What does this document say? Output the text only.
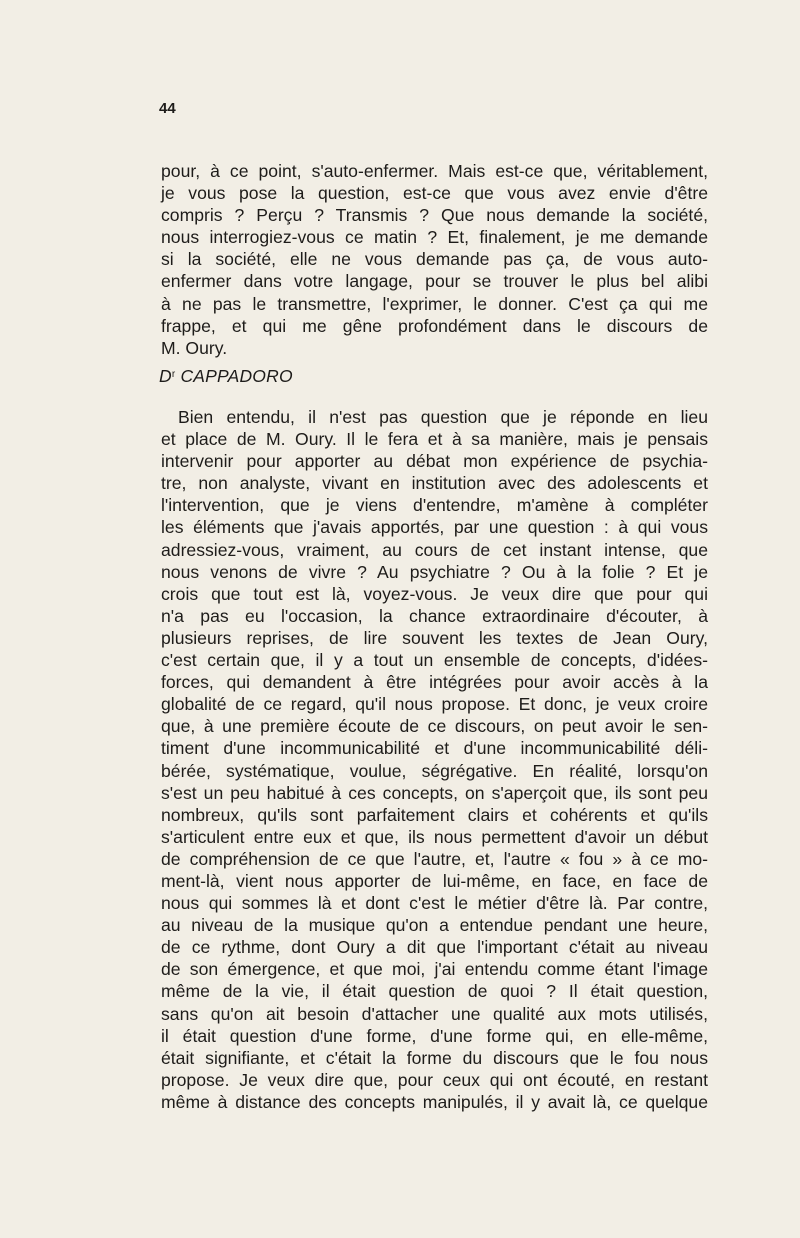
44

pour, à ce point, s'auto-enfermer. Mais est-ce que, véritablement,
je vous pose la question, est-ce que vous avez envie d'être
compris ? Perçu ? Transmis ? Que nous demande la société,
nous interrogiez-vous ce matin ? Et, finalement, je me demande
si la société, elle ne vous demande pas ça, de vous auto-
enfermer dans votre langage, pour se trouver le plus bel alibi
à ne pas le transmettre, l'exprimer, le donner. C'est ça qui me
frappe, et qui me gêne profondément dans le discours de
M. Oury.
$D^r$ CAPPADORO
Bien entendu, il n'est pas question que je réponde en lieu
et place de M. Oury. Il le fera et à sa manière, mais je pensais
intervenir pour apporter au débat mon expérience de psychia-
tre, non analyste, vivant en institution avec des adolescents et
l'intervention, que je viens d'entendre, m'amène à compléter
les éléments que j'avais apportés, par une question : à qui vous
adressiez-vous, vraiment, au cours de cet instant intense, que
nous venons de vivre ? Au psychiatre ? Ou à la folie ? Et je
crois que tout est là, voyez-vous. Je veux dire que pour qui
n'a pas eu l'occasion, la chance extraordinaire d'écouter, à
plusieurs reprises, de lire souvent les textes de Jean Oury,
c'est certain que, il y a tout un ensemble de concepts, d'idées-
forces, qui demandent à être intégrées pour avoir accès à la
globalité de ce regard, qu'il nous propose. Et donc, je veux croire
que, à une première écoute de ce discours, on peut avoir le sen-
timent d'une incommunicabilité et d'une incommunicabilité déli-
bérée, systématique, voulue, ségrégative. En réalité, lorsqu'on
s'est un peu habitué à ces concepts, on s'aperçoit que, ils sont peu
nombreux, qu'ils sont parfaitement clairs et cohérents et qu'ils
s'articulent entre eux et que, ils nous permettent d'avoir un début
de compréhension de ce que l'autre, et, l'autre « fou » à ce mo-
ment-là, vient nous apporter de lui-même, en face, en face de
nous qui sommes là et dont c'est le métier d'être là. Par contre,
au niveau de la musique qu'on a entendue pendant une heure,
de ce rythme, dont Oury a dit que l'important c'était au niveau
de son émergence, et que moi, j'ai entendu comme étant l'image
même de la vie, il était question de quoi ? Il était question,
sans qu'on ait besoin d'attacher une qualité aux mots utilisés,
il était question d'une forme, d'une forme qui, en elle-même,
était signifiante, et c'était la forme du discours que le fou nous
propose. Je veux dire que, pour ceux qui ont écouté, en restant
même à distance des concepts manipulés, il y avait là, ce quelque
